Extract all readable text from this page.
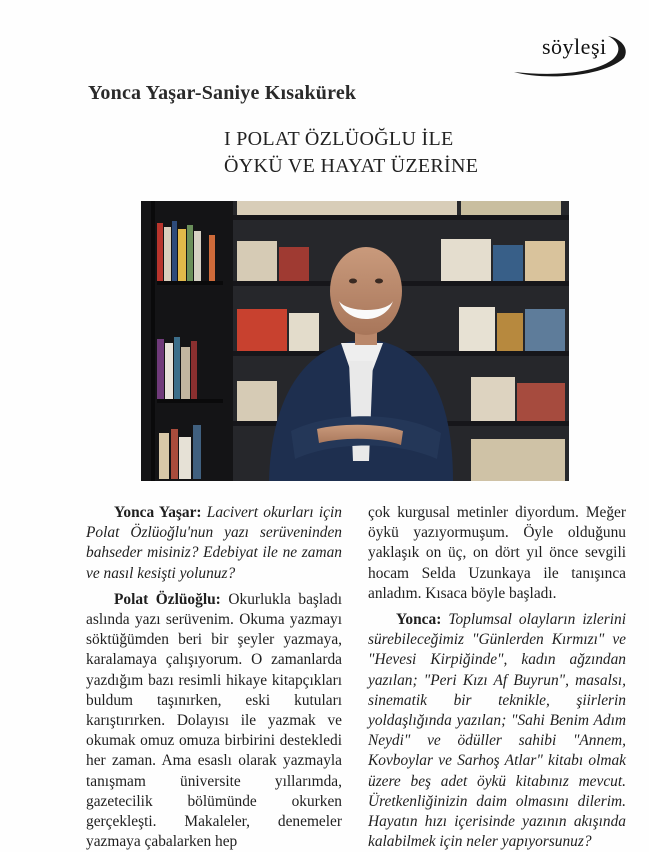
söyleşi
Yonca Yaşar-Saniye Kısakürek
I POLAT ÖZLÜOĞLU İLE
ÖYKÜ VE HAYAT ÜZERİNE

Yonca Yaşar: Lacivert okurları için Polat Özlüoğlu'nun yazı serüveninden bahseder misiniz? Edebiyat ile ne zaman ve nasıl kesişti yolunuz?

Polat Özlüoğlu: Okurlukla başladı aslında yazı serüvenim. Okuma yazmayı söktüğümden beri bir şeyler yazmaya, karalamaya çalışıyorum. O zamanlarda yazdığım bazı resimli hikaye kitapçıkları buldum taşınırken, eski kutuları karıştırırken. Dolayısı ile yazmak ve okumak omuz omuza birbirini destekledi her zaman. Ama esaslı olarak yazmayla tanışmam üniversite yıllarımda, gazetecilik bölümünde okurken gerçekleşti. Makaleler, denemeler yazmaya çabalarken hep

çok kurgusal metinler diyordum. Meğer öykü yazıyormuşum. Öyle olduğunu yaklaşık on üç, on dört yıl önce sevgili hocam Selda Uzunkaya ile tanışınca anladım. Kısaca böyle başladı.

Yonca: Toplumsal olayların izlerini sürebileceğimiz "Günlerden Kırmızı" ve "Hevesi Kirpiğinde", kadın ağzından yazılan; "Peri Kızı Af Buyrun", masalsı, sinematik bir teknikle, şiirlerin yoldaşlığında yazılan; "Sahi Benim Adım Neydi" ve ödüller sahibi "Annem, Kovboylar ve Sarhoş Atlar" kitabı olmak üzere beş adet öykü kitabınız mevcut. Üretkenliğinizin daim olmasını dilerim. Hayatın hızı içerisinde yazının akışında kalabilmek için neler yapıyorsunuz?
